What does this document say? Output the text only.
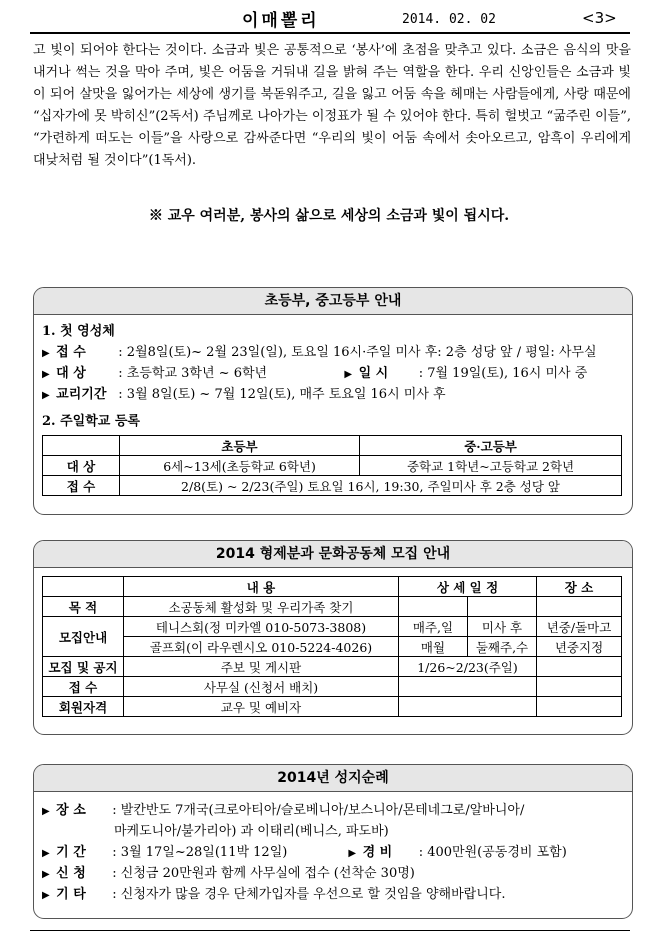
이매뽈리	2014. 02. 02	<3>
고 빛이 되어야 한다는 것이다. 소금과 빛은 공통적으로 ‘봉사’에 초점을 맞추고 있다. 소금은 음식의 맛을 내거나 썩는 것을 막아 주며, 빛은 어둠을 거둬내 길을 밝혀 주는 역할을 한다. 우리 신앙인들은 소금과 빛이 되어 살맛을 잃어가는 세상에 생기를 북돋워주고, 길을 잃고 어둠 속을 헤매는 사람들에게, 사랑 때문에 “십자가에 못 박히신”(2독서) 주님께로 나아가는 이정표가 될 수 있어야 한다. 특히 헐벗고 “굶주린 이들”, “가련하게 떠도는 이들”을 사랑으로 감싸준다면 “우리의 빛이 어둠 속에서 솟아오르고, 암흑이 우리에게 대낮처럼 될 것이다”(1독서).
※ 교우 여러분, 봉사의 삶으로 세상의 소금과 빛이 됩시다.
초등부, 중고등부 안내
1. 첫 영성체
▶ 접 수 : 2월8일(토)~ 2월 23일(일), 토요일 16시·주일 미사 후: 2층 성당 앞 / 평일: 사무실
▶ 대 상 : 초등학교 3학년 ~ 6학년	▶ 일 시 : 7월 19일(토), 16시 미사 중
▶ 교리기간 : 3월 8일(토) ~ 7월 12일(토), 매주 토요일 16시 미사 후
2. 주일학교 등록
	초등부	중·고등부
대 상	6세~13세(초등학교 6학년)	중학교 1학년~고등학교 2학년
접 수	2/8(토) ~ 2/23(주일) 토요일 16시, 19:30, 주일미사 후 2층 성당 앞	
2014 형제분과 문화공동체 모집 안내
	내 용	상 세 일 정		장 소
목 적	소공동체 활성화 및 우리가족 찾기			
모집안내	테니스회(정 미카엘 010-5073-3808)	매주,일	미사 후	년중/돌마고
	골프회(이 라우렌시오 010-5224-4026)	매월	둘째주,수	년중지정
모집 및 공지	주보 및 게시판	1/26~2/23(주일)		
접 수	사무실 (신청서 배치)			
회원자격	교우 및 예비자			
2014년 성지순례
▶ 장 소 : 발칸반도 7개국(크로아티아/슬로베니아/보스니아/몬테네그로/알바니아/
마케도니아/불가리아) 과 이태리(베니스, 파도바)
▶ 기 간 : 3월 17일~28일(11박 12일)	▶ 경 비 : 400만원(공동경비 포함)
▶ 신 청 : 신청금 20만원과 함께 사무실에 접수 (선착순 30명)
▶ 기 타 : 신청자가 많을 경우 단체가입자를 우선으로 할 것임을 양해바랍니다.
